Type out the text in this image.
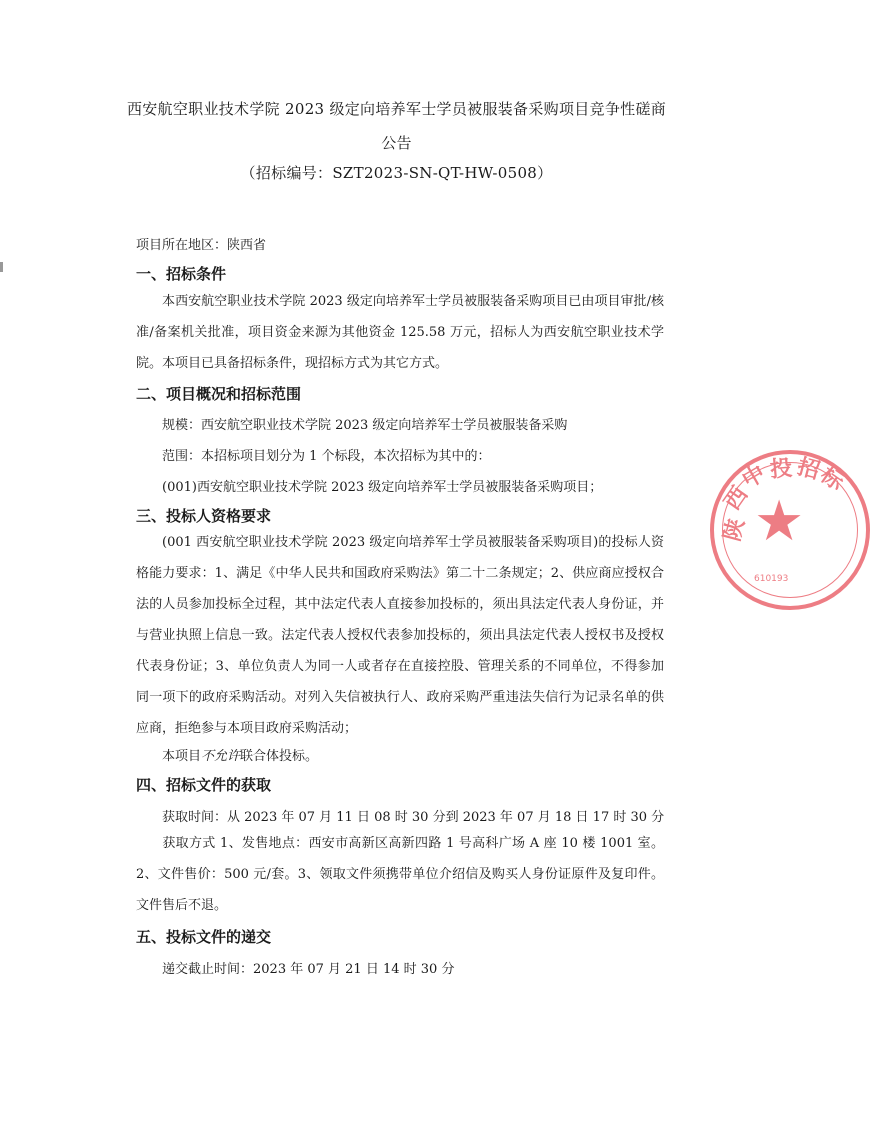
西安航空职业技术学院 2023 级定向培养军士学员被服装备采购项目竞争性磋商
公告
（招标编号：SZT2023-SN-QT-HW-0508）
项目所在地区：陕西省
一、招标条件
本西安航空职业技术学院 2023 级定向培养军士学员被服装备采购项目已由项目审批/核准/备案机关批准，项目资金来源为其他资金 125.58 万元，招标人为西安航空职业技术学院。本项目已具备招标条件，现招标方式为其它方式。
二、项目概况和招标范围
规模：西安航空职业技术学院 2023 级定向培养军士学员被服装备采购
范围：本招标项目划分为 1 个标段，本次招标为其中的：
(001)西安航空职业技术学院 2023 级定向培养军士学员被服装备采购项目；
三、投标人资格要求
(001 西安航空职业技术学院 2023 级定向培养军士学员被服装备采购项目)的投标人资格能力要求：1、满足《中华人民共和国政府采购法》第二十二条规定；2、供应商应授权合法的人员参加投标全过程，其中法定代表人直接参加投标的，须出具法定代表人身份证，并与营业执照上信息一致。法定代表人授权代表参加投标的，须出具法定代表人授权书及授权代表身份证；3、单位负责人为同一人或者存在直接控股、管理关系的不同单位，不得参加同一项下的政府采购活动。对列入失信被执行人、政府采购严重违法失信行为记录名单的供应商，拒绝参与本项目政府采购活动；
本项目不允许联合体投标。
四、招标文件的获取
获取时间：从 2023 年 07 月 11 日 08 时 30 分到 2023 年 07 月 18 日 17 时 30 分
获取方式 1、发售地点：西安市高新区高新四路 1 号高科广场 A 座 10 楼 1001 室。2、文件售价：500 元/套。3、领取文件须携带单位介绍信及购买人身份证原件及复印件。文件售后不退。
五、投标文件的递交
递交截止时间：2023 年 07 月 21 日 14 时 30 分
★
陕
西
中 投 招
标
610193
